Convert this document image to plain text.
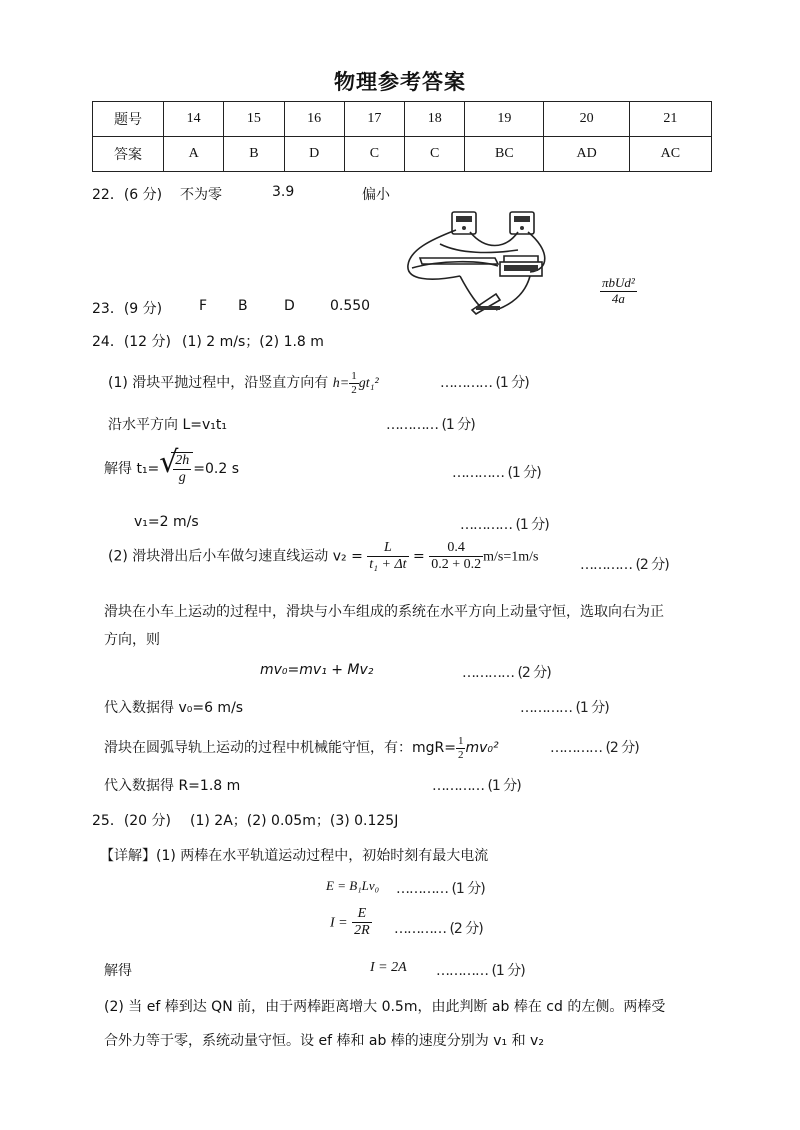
物理参考答案
题号	14	15	16	17	18	19	20	21
答案	A	B	D	C	C	BC	AD	AC
22．(6 分) 不为零	3.9	偏小
23．(9 分)	F B	D	0.550	$\frac{\text{πbUd²}}{4a}$
24．(12 分) (1) 2 m/s；(2) 1.8 m
(1) 滑块平抛过程中，沿竖直方向有 $h= \frac{1}{2} gt_1^2$	………… (1 分)
沿水平方向 L=v₁t₁	………… (1 分)
解得 t₁= √
$\frac{2h}{g} =0.2$ s	………… (1 分)
v₁=2 m/s	………… (1 分)
(2) 滑块滑出后小车做匀速直线运动 $v_2 = \frac{L}{\text{t₁ + Δt}} = \frac{0.4}{0.2 + 0.2} m/s=1m/s$	………… (2 分)
滑块在小车上运动的过程中，滑块与小车组成的系统在水平方向上动量守恒，选取向右为正
方向，则
mv₀=mv₁ + Mv₂	………… (2 分)
代入数据得 v₀=6 m/s	………… (1 分)
滑块在圆弧导轨上运动的过程中机械能守恒，有：$mgR= \frac{1}{2} mv_0^2$	………… (2 分)
代入数据得 R=1.8 m	………… (1 分)
25．(20 分) (1) 2A；(2) 0.05m；(3) 0.125J
【详解】(1) 两棒在水平轨道运动过程中，初始时刻有最大电流
E = B₁Lv₀ ………… (1 分)
$I = \frac{E}{2R}$ ………… (2 分)
解得	I = 2A ………… (1 分)
(2) 当 ef 棒到达 QN 前，由于两棒距离增大 0.5m，由此判断 ab 棒在 cd 的左侧。两棒受
合外力等于零，系统动量守恒。设 ef 棒和 ab 棒的速度分别为 v₁ 和 v₂
